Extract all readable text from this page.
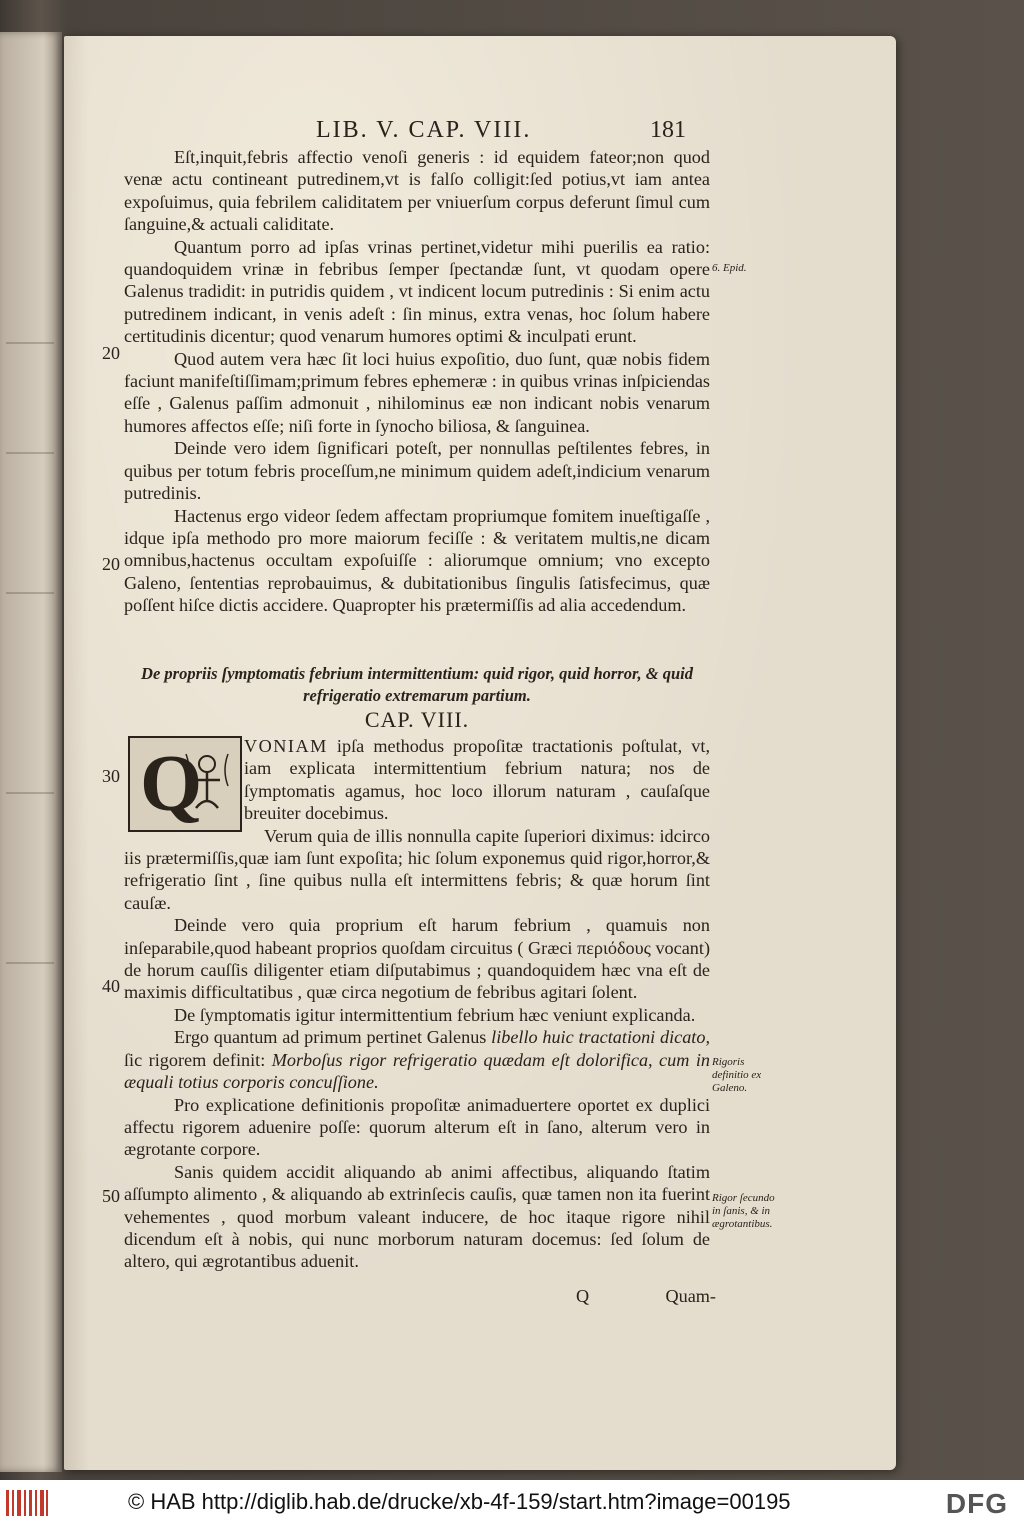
LIB. V. CAP. VIII.	181

Eſt,inquit,febris affectio venoſi generis : id equidem fateor;non quod venæ actu contineant putredinem,vt is falſo colligit:ſed potius,vt iam antea expoſuimus, quia febrilem caliditatem per vniuerſum corpus deferunt ſimul cum ſanguine,& actuali caliditate.

Quantum porro ad ipſas vrinas pertinet,videtur mihi puerilis ea ratio: quandoquidem vrinæ in febribus ſemper ſpectandæ ſunt, vt quodam opere Galenus tradidit: in putridis quidem , vt indicent locum putredinis : Si enim actu putredinem indicant, in venis adeſt : ſin minus, extra venas, hoc ſolum habere certitudinis dicentur; quod venarum humores optimi & inculpati erunt.

Quod autem vera hæc ſit loci huius expoſitio, duo ſunt, quæ nobis fidem faciunt manifeſtiſſimam;primum febres ephemeræ : in quibus vrinas inſpiciendas eſſe , Galenus paſſim admonuit , nihilominus eæ non indicant nobis venarum humores affectos eſſe; niſi forte in ſynocho biliosa, & ſanguinea.

Deinde vero idem ſignificari poteſt, per nonnullas peſtilentes febres, in quibus per totum febris proceſſum,ne minimum quidem adeſt,indicium venarum putredinis.

Hactenus ergo videor ſedem affectam propriumque fomitem inueſtigaſſe , idque ipſa methodo pro more maiorum feciſſe : & veritatem multis,ne dicam omnibus,hactenus occultam expoſuiſſe : aliorumque omnium; vno excepto Galeno, ſententias reprobauimus, & dubitationibus ſingulis ſatisfecimus, quæ poſſent hiſce dictis accidere. Quapropter his prætermiſſis ad alia accedendum.

De propriis ſymptomatis febrium intermittentium: quid rigor, quid horror, & quid
refrigeratio extremarum partium.
CAP. VIII.

VONIAM ipſa methodus propoſitæ tractationis poſtulat, vt, iam explicata intermittentium febrium natura; nos de ſymptomatis agamus, hoc loco illorum naturam , cauſaſque breuiter docebimus.

Verum quia de illis nonnulla capite ſuperiori diximus: idcirco iis prætermiſſis,quæ iam ſunt expoſita; hic ſolum exponemus quid rigor,horror,& refrigeratio ſint , ſine quibus nulla eſt intermittens febris; & quæ horum ſint cauſæ.

Deinde vero quia proprium eſt harum febrium , quamuis non inſeparabile,quod habeant proprios quoſdam circuitus ( Græci περιόδους vocant) de horum cauſſis diligenter etiam diſputabimus ; quandoquidem hæc vna eſt de maximis difficultatibus , quæ circa negotium de febribus agitari ſolent.

De ſymptomatis igitur intermittentium febrium hæc veniunt explicanda.

Ergo quantum ad primum pertinet Galenus libello huic tractationi dicato, ſic rigorem definit: Morboſus rigor refrigeratio quædam eſt dolorifica, cum in æquali totius corporis concuſſione.

Pro explicatione definitionis propoſitæ animaduertere oportet ex duplici affectu rigorem aduenire poſſe: quorum alterum eſt in ſano, alterum vero in ægrotante corpore.

Sanis quidem accidit aliquando ab animi affectibus, aliquando ſtatim aſſumpto alimento , & aliquando ab extrinſecis cauſis, quæ tamen non ita fuerint vehementes , quod morbum valeant inducere, de hoc itaque rigore nihil dicendum eſt à nobis, qui nunc morborum naturam docemus: ſed ſolum de altero, qui ægrotantibus aduenit.

Q
20
20
30
40
50
6. Epid.
Rigoris definitio ex Galeno.
Rigor ſecundo in ſanis, & in ægrotantibus.
Q	Quam-
© HAB http://diglib.hab.de/drucke/xb-4f-159/start.htm?image=00195	DFG
